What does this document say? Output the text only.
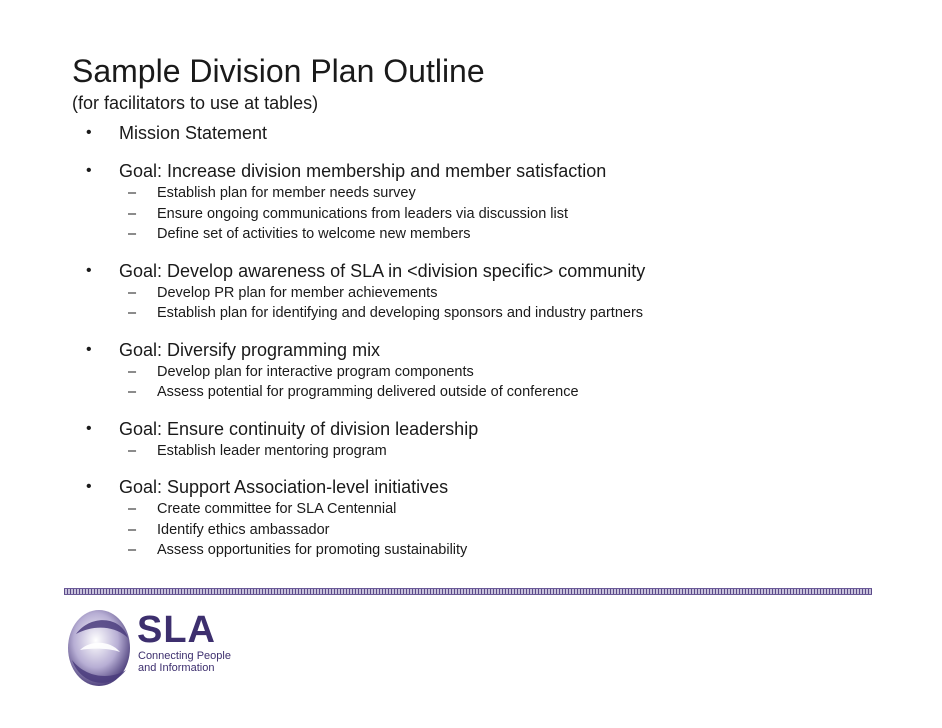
Sample Division Plan Outline
(for facilitators to use at tables)
• Mission Statement
• Goal: Increase division membership and member satisfaction
– Establish plan for member needs survey
– Ensure ongoing communications from leaders via discussion list
– Define set of activities to welcome new members
• Goal: Develop awareness of SLA in <division specific> community
– Develop PR plan for member achievements
– Establish plan for identifying and developing sponsors and industry partners
• Goal: Diversify programming mix
– Develop plan for interactive program components
– Assess potential for programming delivered outside of conference
• Goal: Ensure continuity of division leadership
– Establish leader mentoring program
• Goal: Support Association-level initiatives
– Create committee for SLA Centennial
– Identify ethics ambassador
– Assess opportunities for promoting sustainability
SLA
Connecting People
and Information
